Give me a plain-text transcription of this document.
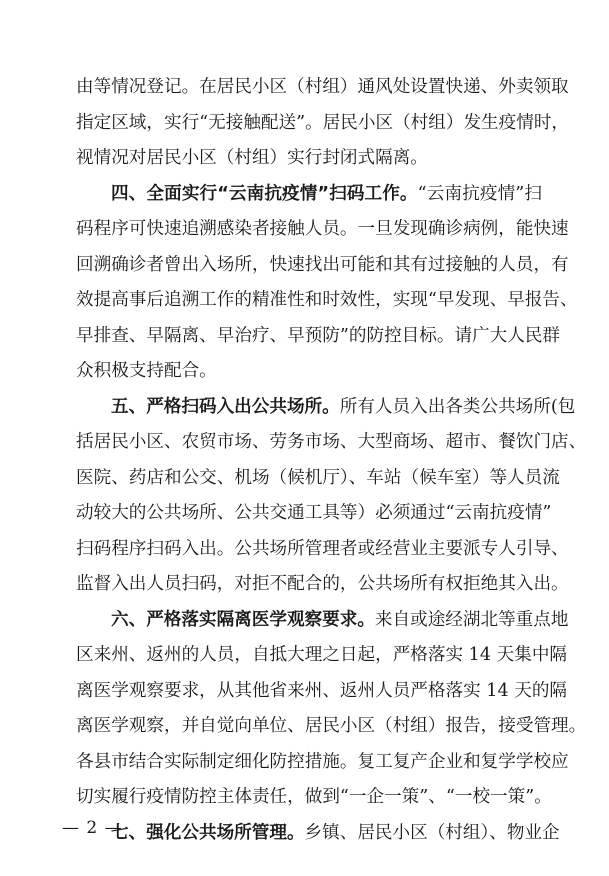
由等情况登记。在居民小区（村组）通风处设置快递、外卖领取
指定区域，实行“无接触配送”。居民小区（村组）发生疫情时，
视情况对居民小区（村组）实行封闭式隔离。
四、全面实行“云南抗疫情”扫码工作。“云南抗疫情”扫
码程序可快速追溯感染者接触人员。一旦发现确诊病例，能快速
回溯确诊者曾出入场所，快速找出可能和其有过接触的人员，有
效提高事后追溯工作的精准性和时效性，实现“早发现、早报告、
早排查、早隔离、早治疗、早预防”的防控目标。请广大人民群
众积极支持配合。
五、严格扫码入出公共场所。所有人员入出各类公共场所(包
括居民小区、农贸市场、劳务市场、大型商场、超市、餐饮门店、
医院、药店和公交、机场（候机厅）、车站（候车室）等人员流
动较大的公共场所、公共交通工具等）必须通过“云南抗疫情”
扫码程序扫码入出。公共场所管理者或经营业主要派专人引导、
监督入出人员扫码，对拒不配合的，公共场所有权拒绝其入出。
六、严格落实隔离医学观察要求。来自或途经湖北等重点地
区来州、返州的人员，自抵大理之日起，严格落实 14 天集中隔
离医学观察要求，从其他省来州、返州人员严格落实 14 天的隔
离医学观察，并自觉向单位、居民小区（村组）报告，接受管理。
各县市结合实际制定细化防控措施。复工复产企业和复学学校应
切实履行疫情防控主体责任，做到“一企一策”、“一校一策”。
七、强化公共场所管理。乡镇、居民小区（村组）、物业企
— 2 —
